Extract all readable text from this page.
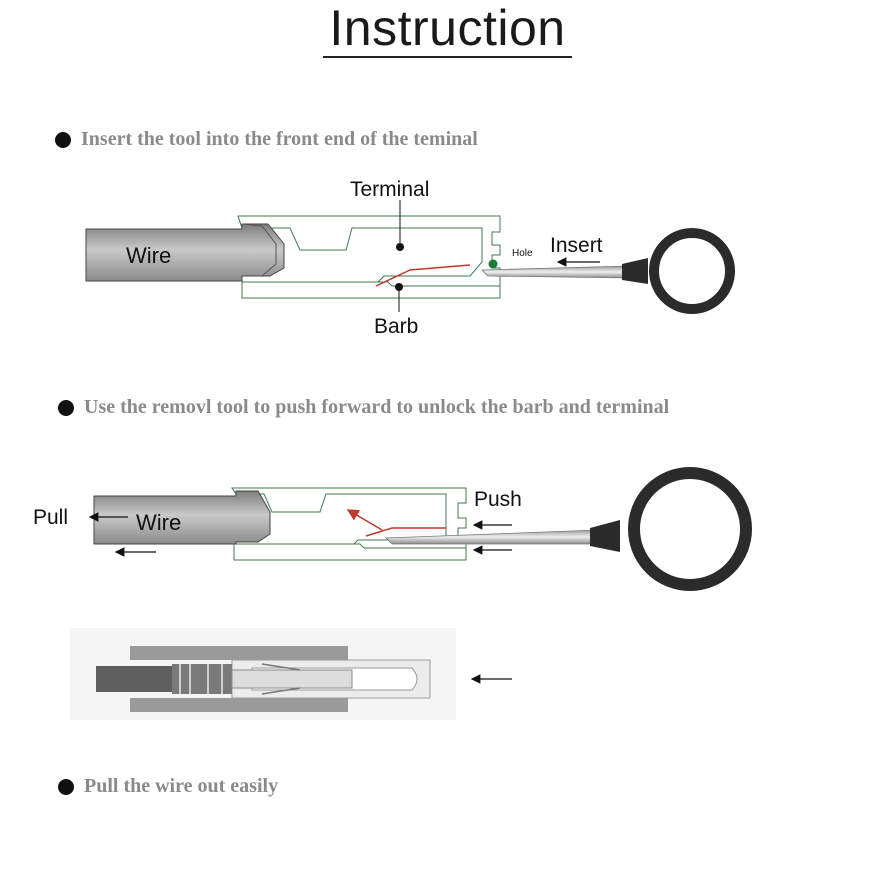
Instruction
Insert the tool into the front end of the teminal
Use the removl tool to push forward to unlock the barb and terminal
Pull the wire out easily
Wire
Terminal
Barb
Hole Insert
Wire
Pull
Push
